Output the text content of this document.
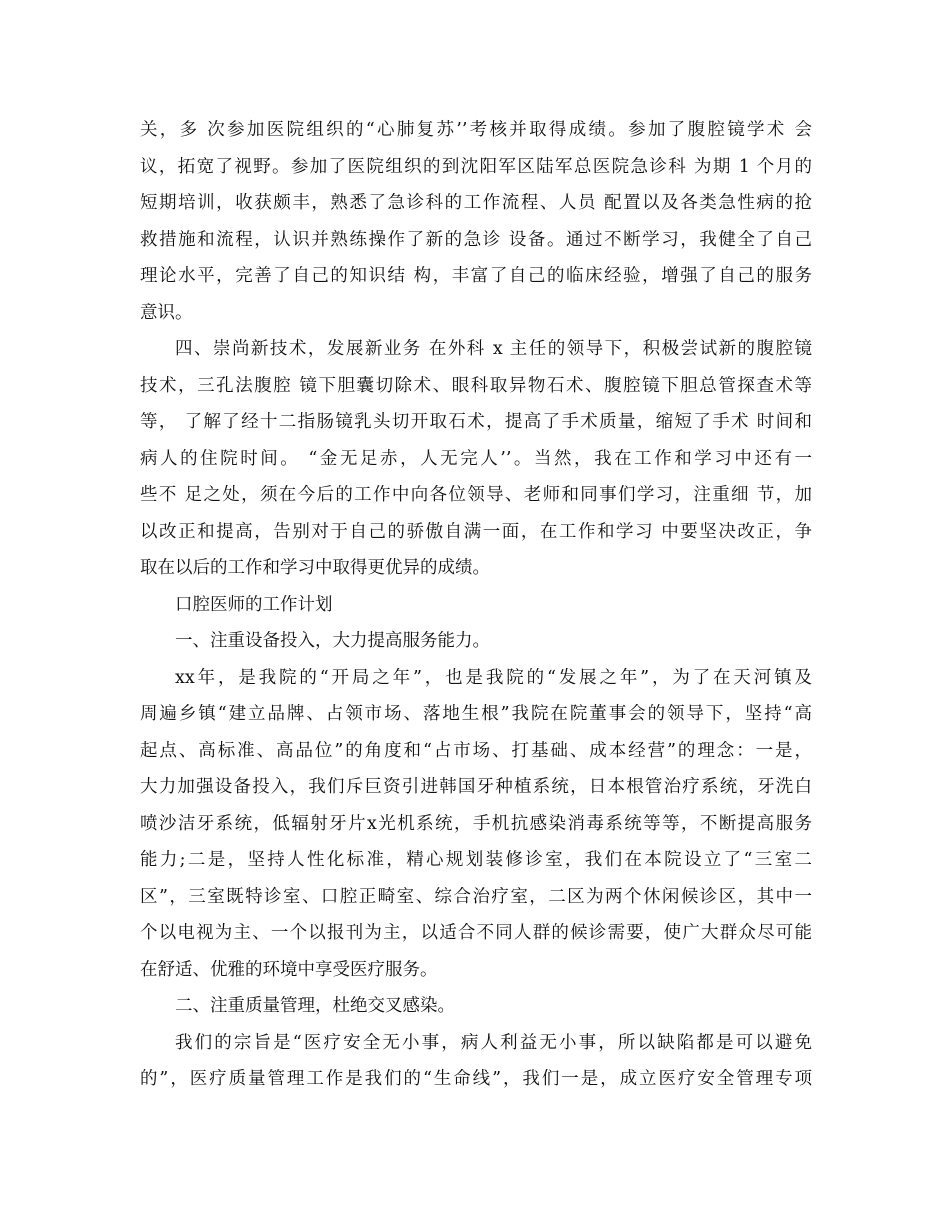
关，多 次参加医院组织的“心肺复苏’’考核并取得成绩。参加了腹腔镜学术 会
议，拓宽了视野。参加了医院组织的到沈阳军区陆军总医院急诊科 为期 1 个月的
短期培训，收获颇丰，熟悉了急诊科的工作流程、人员 配置以及各类急性病的抢
救措施和流程，认识并熟练操作了新的急诊 设备。通过不断学习，我健全了自己
理论水平，完善了自己的知识结 构，丰富了自己的临床经验，增强了自己的服务
意识。
四、崇尚新技术，发展新业务 在外科 x 主任的领导下，积极尝试新的腹腔镜
技术，三孔法腹腔 镜下胆囊切除术、眼科取异物石术、腹腔镜下胆总管探查术等
等， 了解了经十二指肠镜乳头切开取石术，提高了手术质量，缩短了手术 时间和
病人的住院时间。 “金无足赤，人无完人’’。当然，我在工作和学习中还有一
些不 足之处，须在今后的工作中向各位领导、老师和同事们学习，注重细 节，加
以改正和提高，告别对于自己的骄傲自满一面，在工作和学习 中要坚决改正，争
取在以后的工作和学习中取得更优异的成绩。
口腔医师的工作计划
一、注重设备投入，大力提高服务能力。
xx年，是我院的“开局之年”，也是我院的“发展之年”，为了在天河镇及
周遍乡镇“建立品牌、占领市场、落地生根”我院在院董事会的领导下，坚持“高
起点、高标准、高品位”的角度和“占市场、打基础、成本经营”的理念：一是，
大力加强设备投入，我们斥巨资引进韩国牙种植系统，日本根管治疗系统，牙洗白
喷沙洁牙系统，低辐射牙片x光机系统，手机抗感染消毒系统等等，不断提高服务
能力;二是，坚持人性化标准，精心规划装修诊室，我们在本院设立了“三室二
区”，三室既特诊室、口腔正畸室、综合治疗室，二区为两个休闲候诊区，其中一
个以电视为主、一个以报刊为主，以适合不同人群的候诊需要，使广大群众尽可能
在舒适、优雅的环境中享受医疗服务。
二、注重质量管理，杜绝交叉感染。
我们的宗旨是“医疗安全无小事，病人利益无小事，所以缺陷都是可以避免
的”，医疗质量管理工作是我们的“生命线”，我们一是，成立医疗安全管理专项
